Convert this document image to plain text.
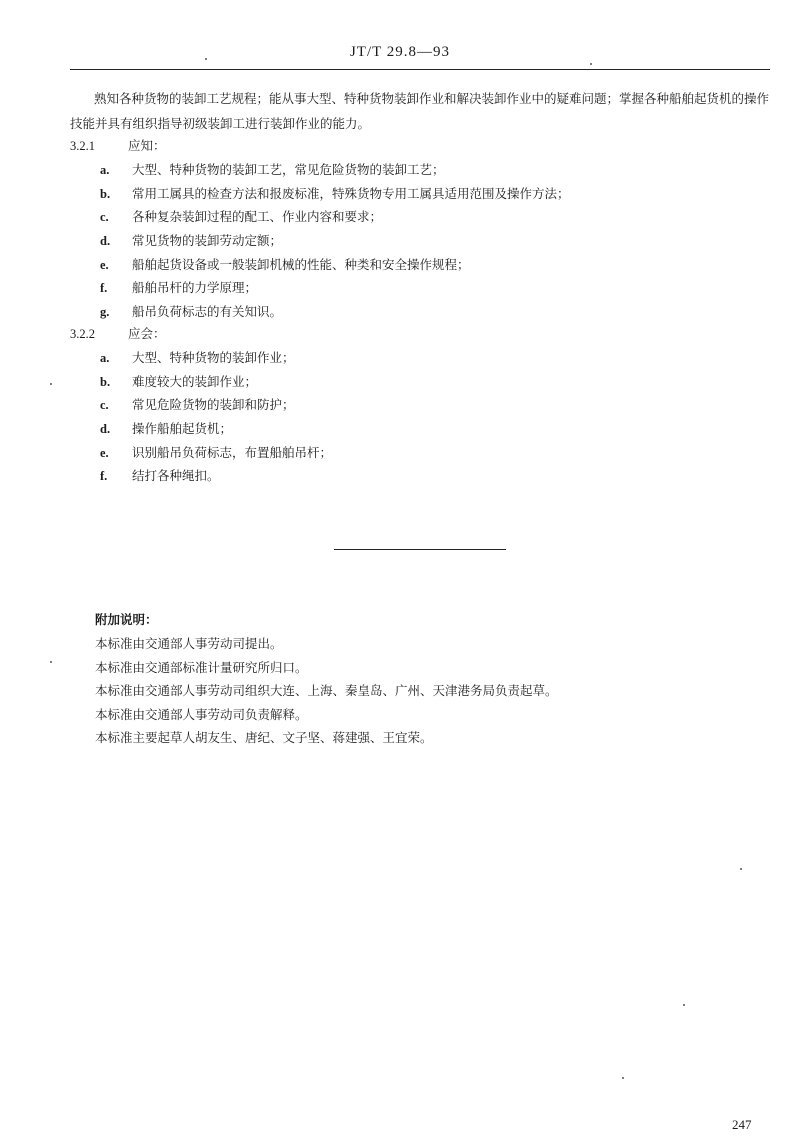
JT/T 29.8—93
熟知各种货物的装卸工艺规程；能从事大型、特种货物装卸作业和解决装卸作业中的疑难问题；掌握各种船舶起货机的操作技能并具有组织指导初级装卸工进行装卸作业的能力。
3.2.1	应知：
a. 大型、特种货物的装卸工艺，常见危险货物的装卸工艺；
b. 常用工属具的检查方法和报废标准，特殊货物专用工属具适用范围及操作方法；
c. 各种复杂装卸过程的配工、作业内容和要求；
d. 常见货物的装卸劳动定额；
e. 船舶起货设备或一般装卸机械的性能、种类和安全操作规程；
f. 船舶吊杆的力学原理；
g. 船吊负荷标志的有关知识。
3.2.2	应会：
a. 大型、特种货物的装卸作业；
b. 难度较大的装卸作业；
c. 常见危险货物的装卸和防护；
d. 操作船舶起货机；
e. 识别船吊负荷标志，布置船舶吊杆；
f. 结打各种绳扣。
附加说明：
本标准由交通部人事劳动司提出。
本标准由交通部标准计量研究所归口。
本标准由交通部人事劳动司组织大连、上海、秦皇岛、广州、天津港务局负责起草。
本标准由交通部人事劳动司负责解释。
本标准主要起草人胡友生、唐纪、文子坚、蒋建强、王宜荣。
247
